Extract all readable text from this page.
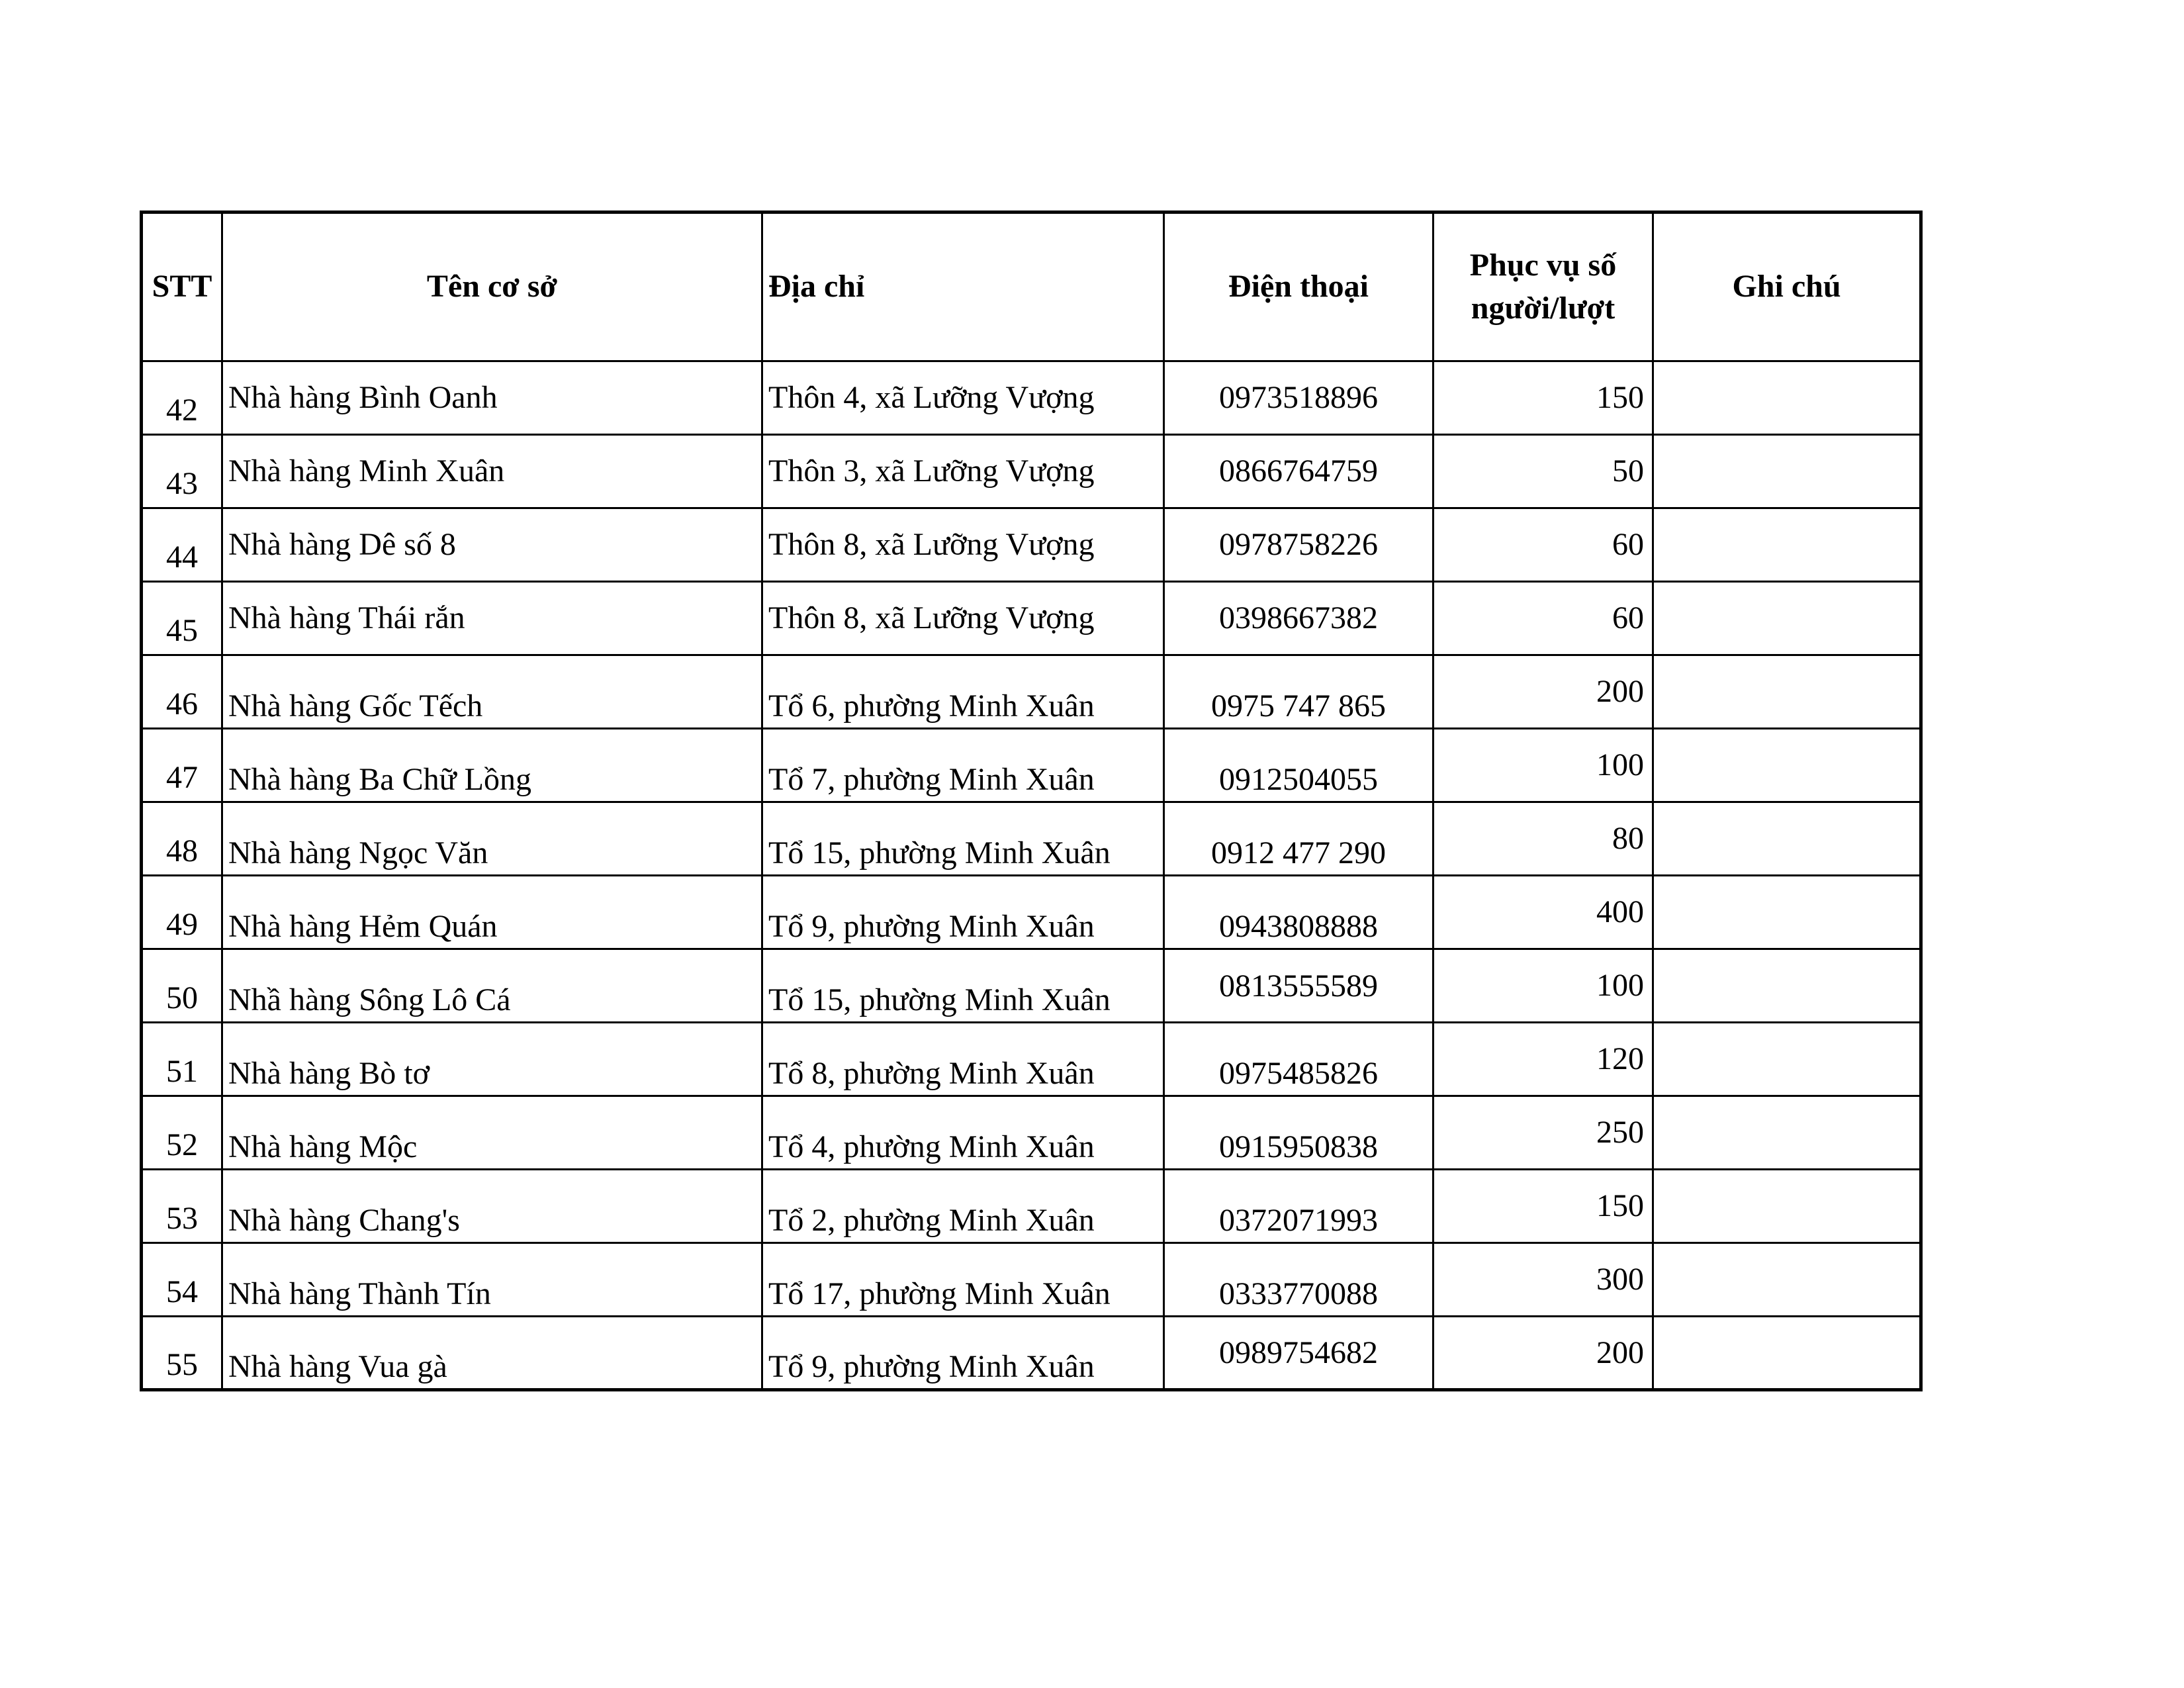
STT	Tên cơ sở	Địa chỉ	Điện thoại	Phục vụ số người/lượt	Ghi chú
42	Nhà hàng Bình Oanh	Thôn 4, xã Lưỡng Vượng	0973518896	150	
43	Nhà hàng Minh Xuân	Thôn 3, xã Lưỡng Vượng	0866764759	50	
44	Nhà hàng Dê số 8	Thôn 8, xã Lưỡng Vượng	0978758226	60	
45	Nhà hàng Thái rắn	Thôn 8, xã Lưỡng Vượng	0398667382	60	
46	Nhà hàng Gốc Tếch	Tổ 6, phường Minh Xuân	0975 747 865	200	
47	Nhà hàng Ba Chữ Lồng	Tổ 7, phường Minh Xuân	0912504055	100	
48	Nhà hàng Ngọc Văn	Tổ 15, phường Minh Xuân	0912 477 290	80	
49	Nhà hàng Hẻm Quán	Tổ 9, phường Minh Xuân	0943808888	400	
50	Nhầ hàng Sông Lô Cá	Tổ 15, phường Minh Xuân	0813555589	100	
51	Nhà hàng Bò tơ	Tổ 8, phường Minh Xuân	0975485826	120	
52	Nhà hàng Mộc	Tổ 4, phường Minh Xuân	0915950838	250	
53	Nhà hàng Chang's	Tổ 2, phường Minh Xuân	0372071993	150	
54	Nhà hàng Thành Tín	Tổ 17, phường Minh Xuân	0333770088	300	
55	Nhà hàng Vua gà	Tổ 9, phường Minh Xuân	0989754682	200	
